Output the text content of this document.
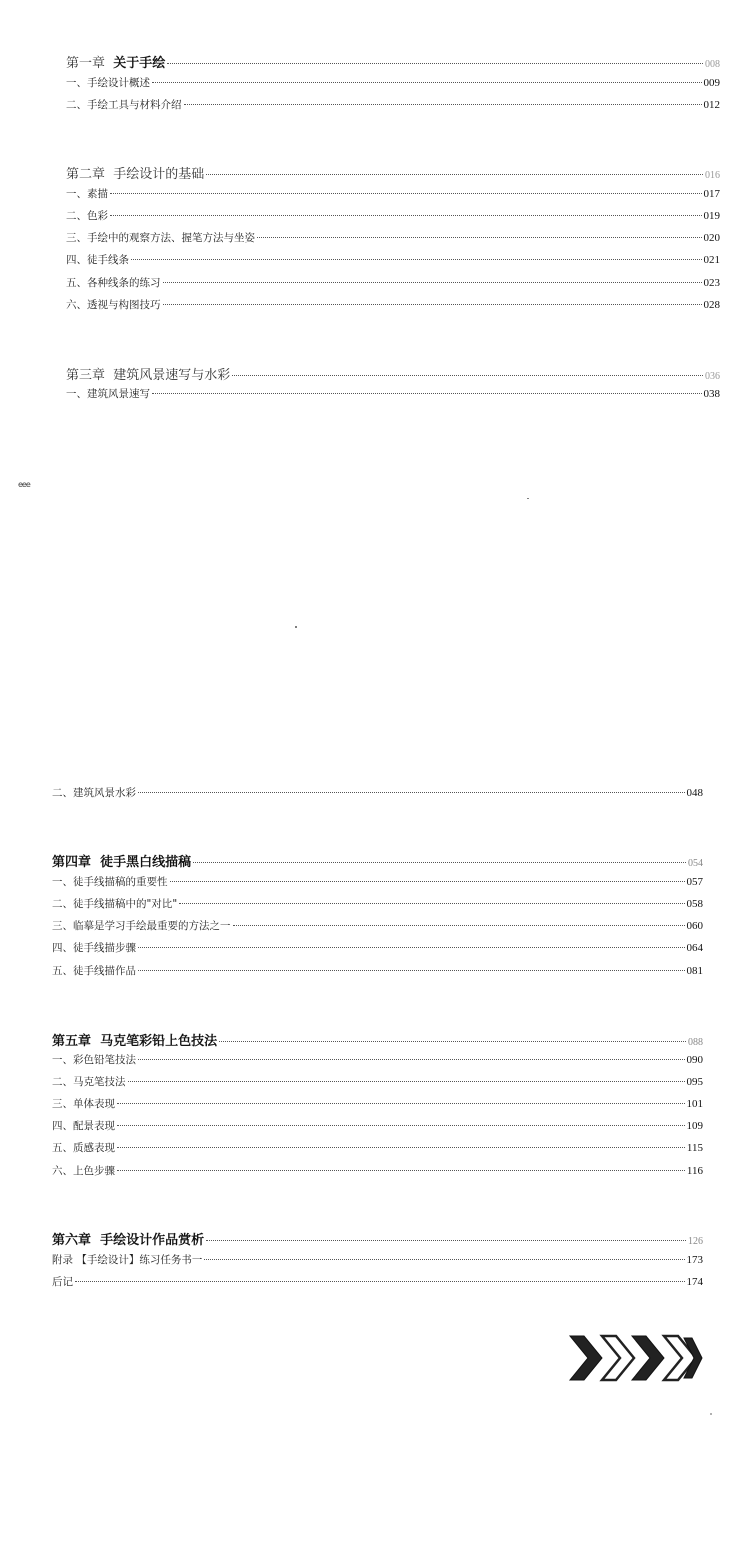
第一章 关于手绘	008
一、手绘设计概述	009
二、手绘工具与材料介绍	012
第二章 手绘设计的基础	016
一、素描	017
二、色彩	019
三、手绘中的观察方法、握笔方法与坐姿	020
四、徒手线条	021
五、各种线条的练习	023
六、透视与构图技巧	028
第三章 建筑风景速写与水彩	036
一、建筑风景速写	038
eee
二、建筑风景水彩	048
第四章 徒手黑白线描稿	054
一、徒手线描稿的重要性	057
二、徒手线描稿中的"对比"	058
三、临摹是学习手绘最重要的方法之一	060
四、徒手线描步骤	064
五、徒手线描作品	081
第五章 马克笔彩铅上色技法	088
一、彩色铅笔技法	090
二、马克笔技法	095
三、单体表现	101
四、配景表现	109
五、质感表现	115
六、上色步骤	116
第六章 手绘设计作品赏析	126
附录 【手绘设计】练习任务书一	173
后记	174
